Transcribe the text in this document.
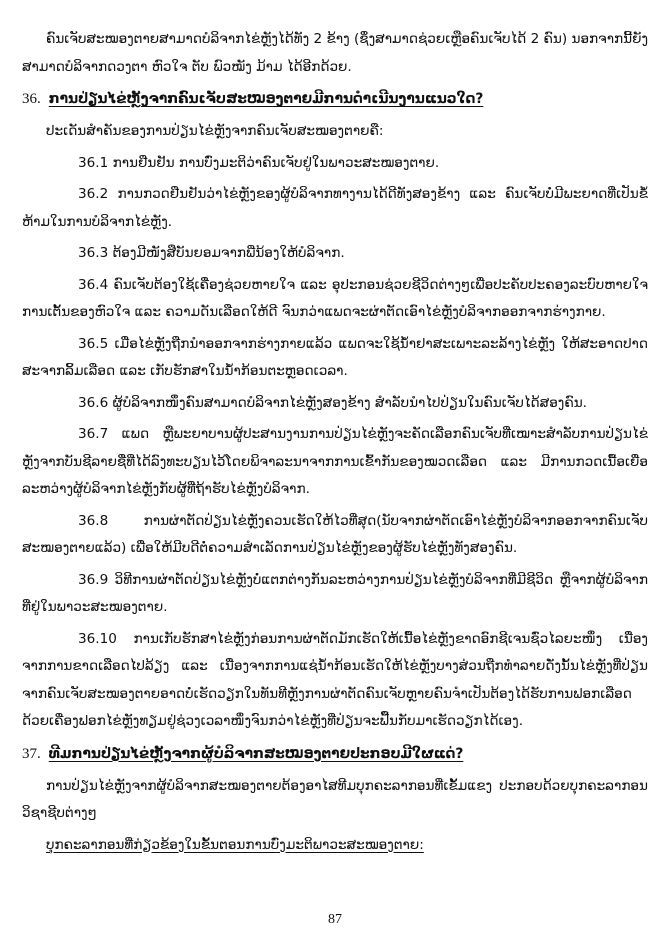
ຄົນເຈັບສະໝອງຕາຍສາມາດບໍລິຈາກໄຂ່ຫຼັງໄດ້ທັງ 2 ຂ້າງ (ຊຶ່ງສາມາດຊ່ວຍເຫຼືອຄົນເຈັບໄດ້ 2 ຄົນ) ນອກຈາກນີ້ຍັງສາມາດບໍລິຈາກດວງຕາ ຫົວໃຈ ຕັບ ພົວໝັງ ມ້າມ ໄດ້ອີກດ້ວຍ.

36. ການປ່ຽນໄຂ່ຫຼັງຈາກຄົນເຈັບສະໝອງຕາຍມີການດໍາເນີນງານແນວໃດ?

ປະເດັນສໍາຄັນຂອງການປ່ຽນໄຂ່ຫຼັງຈາກຄົນເຈັບສະໝອງຕາຍຄື:

36.1 ການຢືນຢັນ ການບົ່ງມະຕິວ່າຄົນເຈັບຢູ່ໃນພາວະສະໝອງຕາຍ.

36.2 ການກວດຢືນຢັນວ່າໄຂ່ຫຼັງຂອງຜູ້ບໍລິຈາກທາງານໄດ້ດີທັງສອງຂ້າງ ແລະ ຄົນເຈັບບໍ່ມີພະຍາດທີ່ເປັນຂໍ້ຫ້າມໃນການບໍລິຈາກໄຂ່ຫຼັງ.

36.3 ຕ້ອງມີໜັງສືບັນຍອມຈາກພີ່ນ້ອງໃຫ້ບໍລິຈາກ.

36.4 ຄົນເຈັບຕ້ອງໃຊ້ເຄື່ອງຊ່ວຍຫາຍໃຈ ແລະ ອຸປະກອນຊ່ວຍຊີວິດຕ່າງໆເພື່ອປະຄັບປະຄອງລະບົບຫາຍໃຈການເຕັ້ນຂອງຫົວໃຈ ແລະ ຄວາມດັນເລືອດໃຫ້ດີ ຈົນກວ່າແພດຈະຜ່າຕັດເອົາໄຂ່ຫຼັງບໍລິຈາກອອກຈາກຮ່າງກາຍ.

36.5 ເມື່ອໄຂ່ຫຼັງຖືກນໍາອອກຈາກຮ່າງກາຍແລ້ວ ແພດຈະໃຊ້ນ້ຳຢາສະເພາະລະລ້າງໄຂ່ຫຼັງ ໃຫ້ສະອາດປາດສະຈາກລິ້ມເລືອດ ແລະ ເກັບຮັກສາໃນນໍ້າກ້ອນຕະຫຼອດເວລາ.

36.6 ຜູ້ບໍລິຈາກໜຶ່ງຄົນສາມາດບໍລິຈາກໄຂ່ຫຼັງສອງຂ້າງ ສໍາລັບນໍາໄປປ່ຽນໃນຄົນເຈັບໄດ້ສອງຄົນ.

36.7 ແພດ ຫຼືພະຍາບານຜູ້ປະສານງານການປ່ຽນໄຂ່ຫຼັງຈະຄັດເລືອກຄົນເຈັບທີ່ເໝາະສໍາລັບການປ່ຽນໄຂ່ຫຼັງຈາກບັນຊີລາຍຊື່ທີ່ໄດ້ລົງທະບຽນໄວ້ໂດຍພິຈາລະນາຈາກການເຂົ້າກັນຂອງໝວດເລືອດ ແລະ ມີການກວດເນື້ອເຍື່ອລະຫວ່າງຜູ້ບໍລິຈາກໄຂ່ຫຼັງກັບຜູ້ທີ່ຖ້າຮັບໄຂ່ຫຼັງບໍລິຈາກ.

36.8 ການຜ່າຕັດປ່ຽນໄຂ່ຫຼັງຄວນເຮັດໃຫ້ໄວທີ່ສຸດ(ນັບຈາກຜ່າຕັດເອົາໄຂ່ຫຼັງບໍລິຈາກອອກຈາກຄົນເຈັບສະໝອງຕາຍແລ້ວ) ເພື່ອໃຫ້ມີບດີຕໍ່ຄວາມສໍາເລັດການປ່ຽນໄຂ່ຫຼັງຂອງຜູ້ຮັບໄຂ່ຫຼັງທັງສອງຄົນ.

36.9 ວິທີການຜ່າຕັດປ່ຽນໄຂ່ຫຼັງບໍ່ແຕກຕ່າງກັນລະຫວ່າງການປ່ຽນໄຂ່ຫຼັງບໍລິຈາກທີ່ມີຊີວິດ ຫຼືຈາກຜູ້ບໍລິຈາກທີ່ຢູ່ໃນພາວະສະໝອງຕາຍ.

36.10 ການເກັບຮັກສາໄຂ່ຫຼັງກ່ອນການຜ່າຕັດມັກເຮັດໃຫ້ເນື້ອໄຂ່ຫຼັງຂາດອົກຊີເຈນຊົ່ວໄລຍະໜຶ່ງ ເນື່ອງຈາກການຂາດເລືອດໄປລ້ຽງ ແລະ ເນື່ອງຈາກການແຊ່ນໍ້າກ້ອນເຮັດໃຫ້ໄຂ່ຫຼັງບາງສ່ວນຖືກທໍາລາຍດັ່ງນັ້ນໄຂ່ຫຼັງທີ່ປ່ຽນຈາກຄົນເຈັບສະໝອງຕາຍອາດບໍ່ເຮັດວຽກໃນທັນທີຫຼັງການຜ່າຕັດຄົນເຈັບຫຼາຍຄົນຈໍາເປັນຕ້ອງໄດ້ຮັບການຟອກເລືອດດ້ວຍເຄື່ອງຟອກໄຂ່ຫຼັງທຽມຢູ່ຊ່ວງເວລາໜຶ່ງຈົນກວ່າໄຂ່ຫຼັງທີ່ປ່ຽນຈະຟື້ນກັບມາເຮັດວຽກໄດ້ເອງ.

37. ທີມການປ່ຽນໄຂ່ຫຼັງຈາກຜູ້ບໍລິຈາກສະໝອງຕາຍປະກອບມີໃຜແດ່?

ການປ່ຽນໄຂ່ຫຼັງຈາກຜູ້ບໍລິຈາກສະໝອງຕາຍຕ້ອງອາໄສທີມບຸກຄະລາກອນທີ່ເຂັ້ມແຂງ ປະກອບດ້ວຍບຸກຄະລາກອນວິຊາຊີບຕ່າງໆ

ບຸກຄະລາກອນທີ່ກ່ຽວຂ້ອງໃນຂັ້ນຕອນການບົ່ງມະຕິພາວະສະໝອງຕາຍ:

87
